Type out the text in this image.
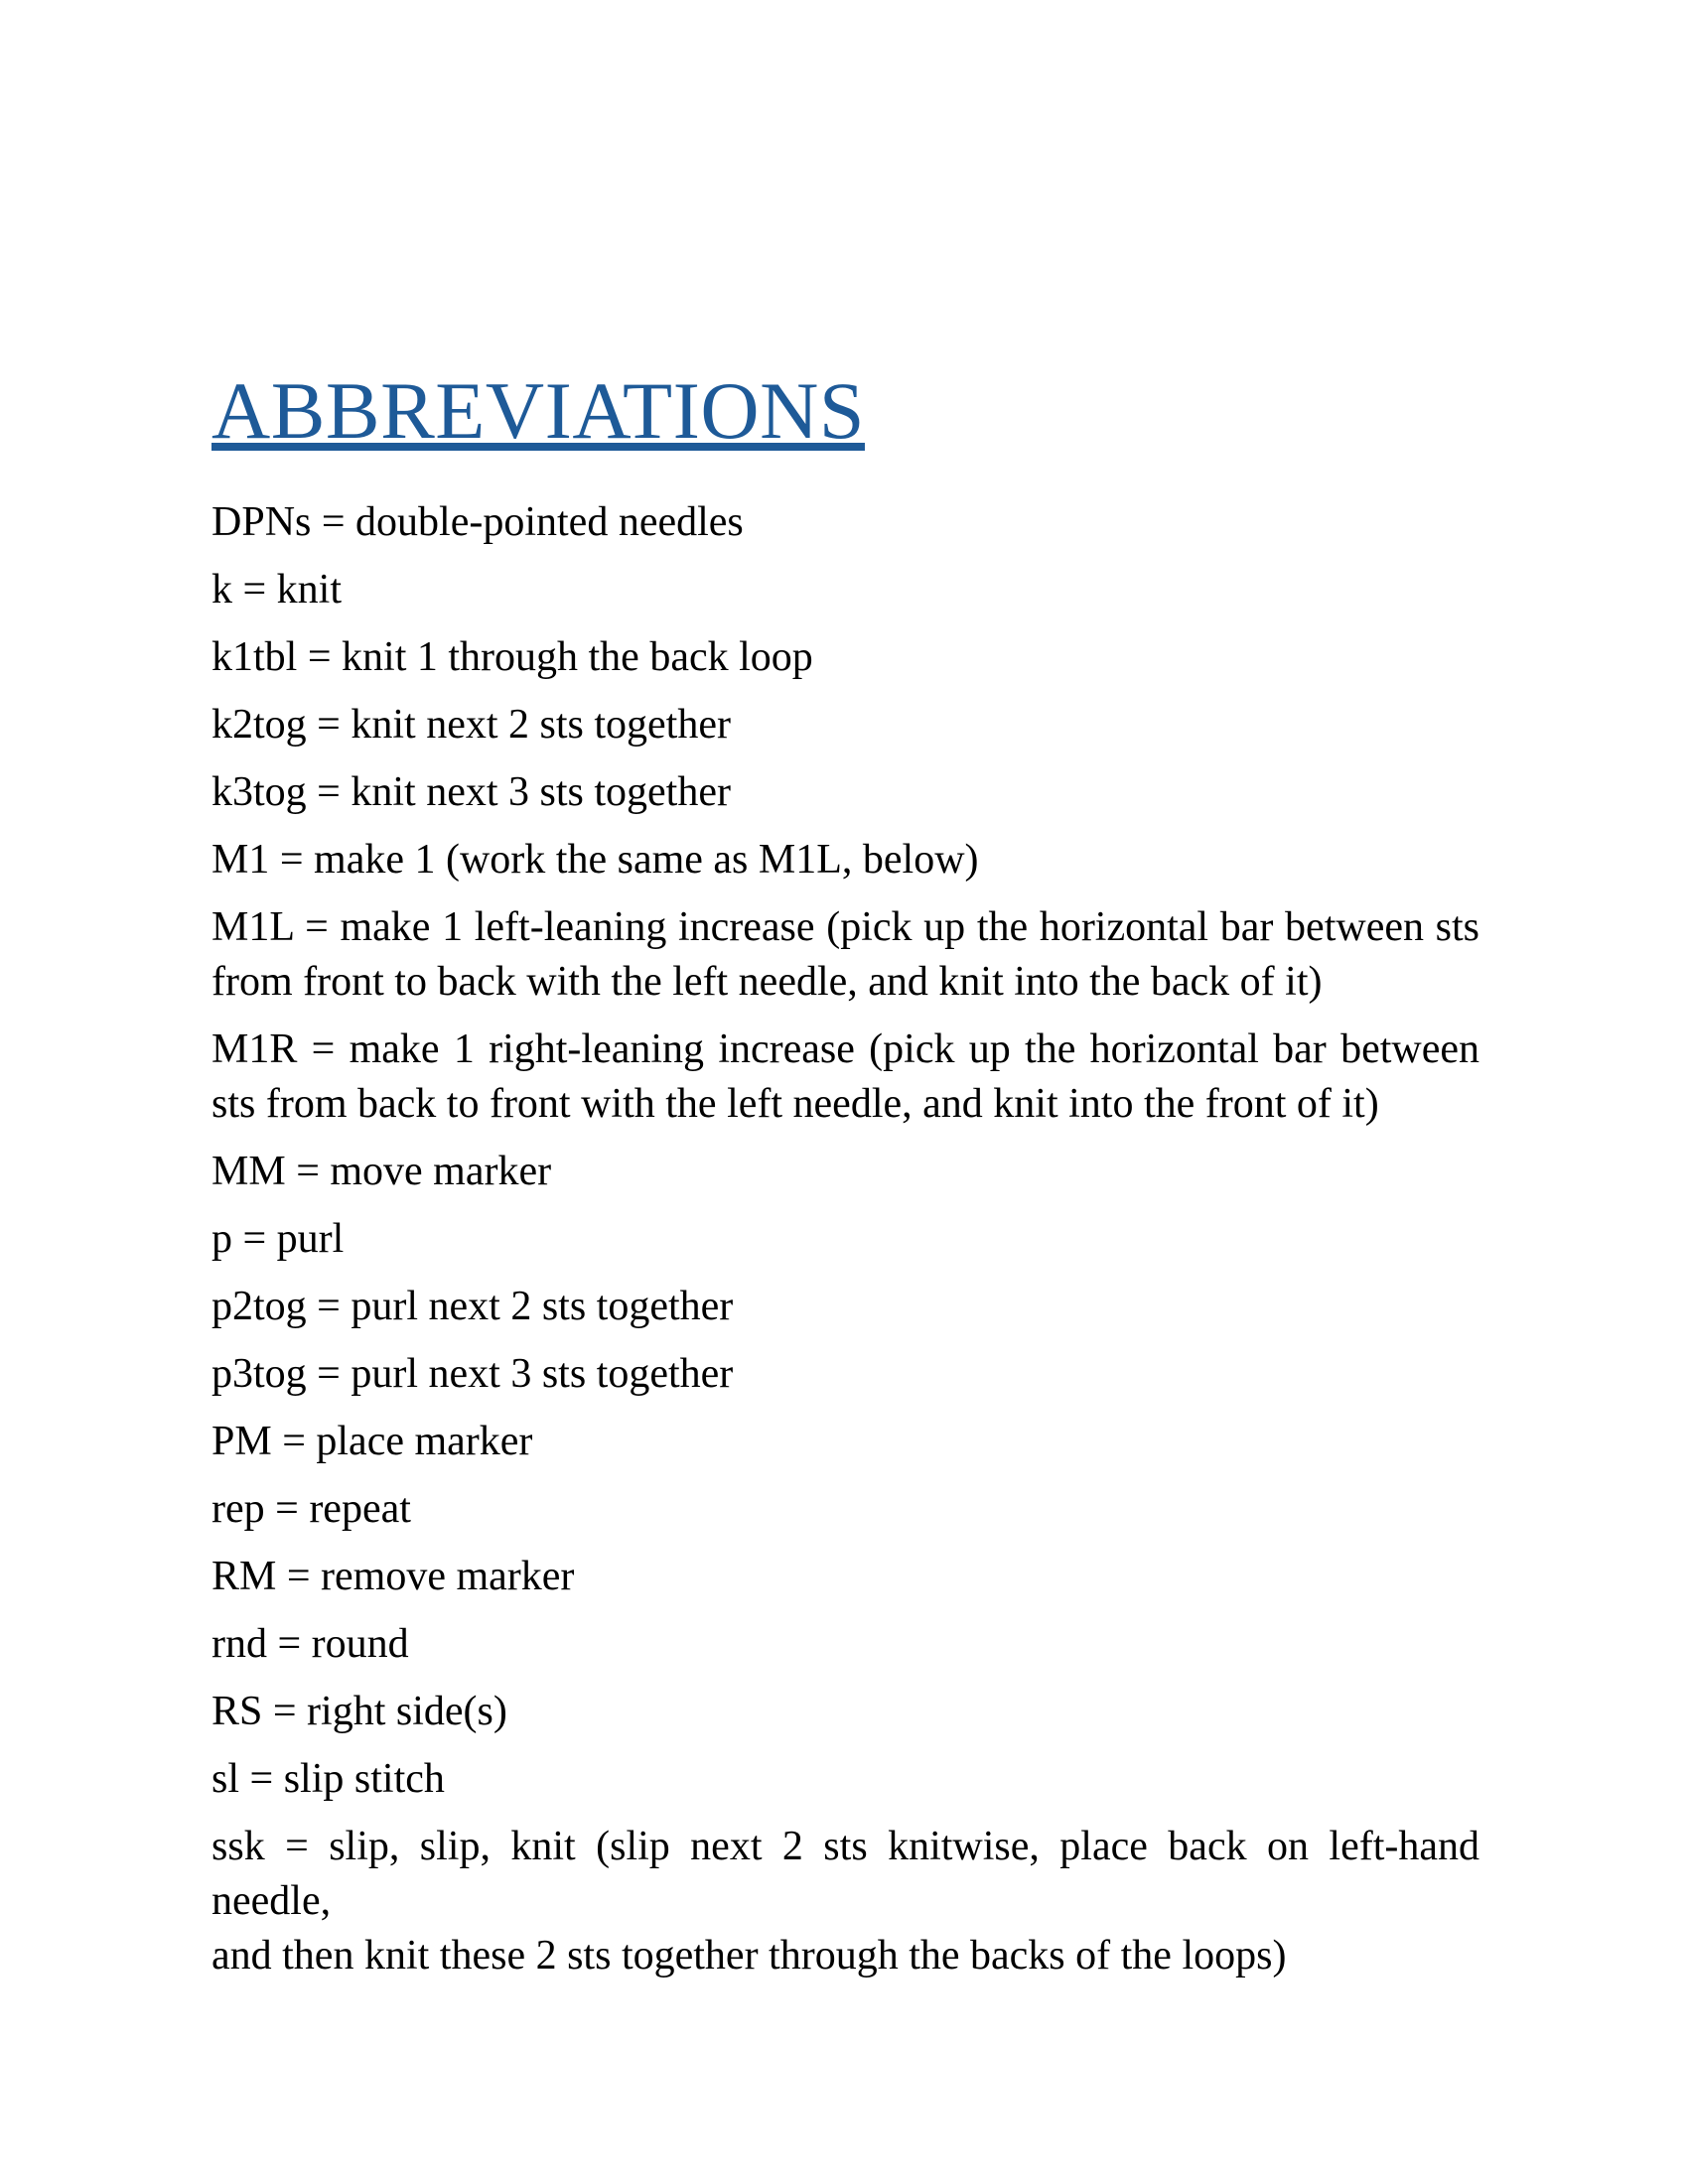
ABBREVIATIONS

DPNs = double-pointed needles

k = knit

k1tbl = knit 1 through the back loop

k2tog = knit next 2 sts together

k3tog = knit next 3 sts together

M1 = make 1 (work the same as M1L, below)

M1L = make 1 left-leaning increase (pick up the horizontal bar between sts
from front to back with the left needle, and knit into the back of it)

M1R = make 1 right-leaning increase (pick up the horizontal bar between
sts from back to front with the left needle, and knit into the front of it)

MM = move marker

p = purl

p2tog = purl next 2 sts together

p3tog = purl next 3 sts together

PM = place marker

rep = repeat

RM = remove marker

rnd = round

RS = right side(s)

sl = slip stitch

ssk = slip, slip, knit (slip next 2 sts knitwise, place back on left-hand needle,
and then knit these 2 sts together through the backs of the loops)
